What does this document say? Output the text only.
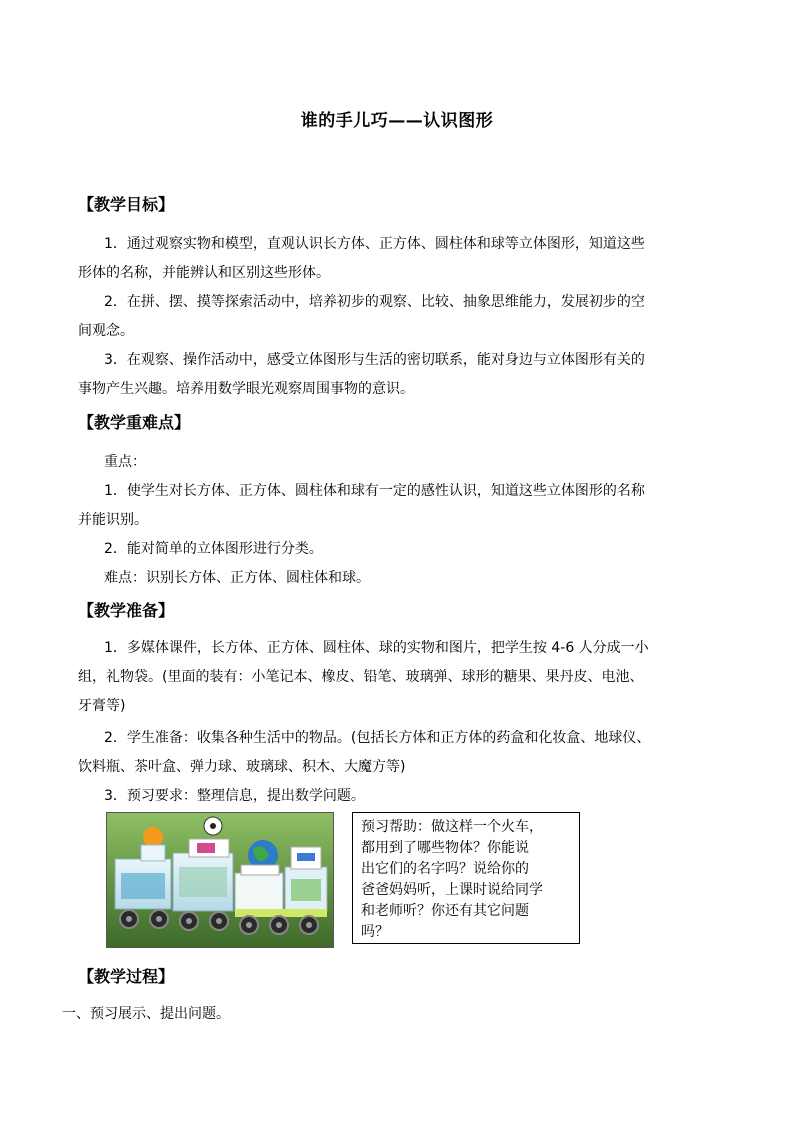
谁的手儿巧——认识图形
【教学目标】
1．通过观察实物和模型，直观认识长方体、正方体、圆柱体和球等立体图形，知道这些
形体的名称，并能辨认和区别这些形体。
2．在拼、摆、摸等探索活动中，培养初步的观察、比较、抽象思维能力，发展初步的空
间观念。
3．在观察、操作活动中，感受立体图形与生活的密切联系，能对身边与立体图形有关的
事物产生兴趣。培养用数学眼光观察周围事物的意识。
【教学重难点】
重点：
1．使学生对长方体、正方体、圆柱体和球有一定的感性认识，知道这些立体图形的名称
并能识别。
2．能对简单的立体图形进行分类。
难点：识别长方体、正方体、圆柱体和球。
【教学准备】
1．多媒体课件，长方体、正方体、圆柱体、球的实物和图片，把学生按 4-6 人分成一小
组，礼物袋。(里面的装有：小笔记本、橡皮、铅笔、玻璃弹、球形的糖果、果丹皮、电池、
牙膏等)
2．学生准备：收集各种生活中的物品。(包括长方体和正方体的药盒和化妆盒、地球仪、
饮料瓶、茶叶盒、弹力球、玻璃球、积木、大魔方等)
3．预习要求：整理信息，提出数学问题。
预习帮助：做这样一个火车，
都用到了哪些物体？你能说
出它们的名字吗？说给你的
爸爸妈妈听，上课时说给同学
和老师听？你还有其它问题
吗？
【教学过程】
一、预习展示、提出问题。
